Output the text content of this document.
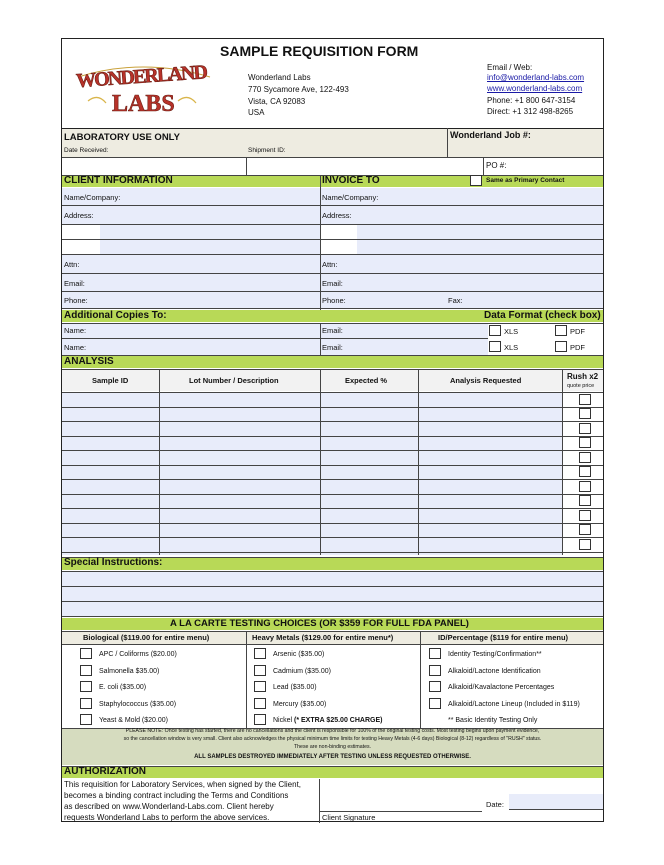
SAMPLE REQUISITION FORM
WONDERLAND
LABS
Wonderland Labs
770 Sycamore Ave, 122-493
Vista, CA 92083
USA
Email / Web:
info@wonderland-labs.com
www.wonderland-labs.com
Phone: +1 800 647-3154
Direct: +1 312 498-8265
LABORATORY USE ONLY	Wonderland Job #:
Date Received:	Shipment ID:
PO #:
CLIENT INFORMATION	INVOICE TO	Same as Primary Contact
Name/Company:	Name/Company:
Address:	Address:
Attn:	Attn:
Email:	Email:
Phone:	Phone:	Fax:
Additional Copies To:	Data Format (check box)
Name:	Email:
Name:	Email:
XLS	PDF
XLS	PDF
ANALYSIS
Sample ID	Lot Number / Description	Expected %	Analysis Requested	Rush x2
quote price
Special Instructions:
A LA CARTE TESTING CHOICES (OR $359 FOR FULL FDA PANEL)
Biological ($119.00 for entire menu)	Heavy Metals ($129.00 for entire menu*)	ID/Percentage ($119 for entire menu)
APC / Coliforms ($20.00)
Salmonella $35.00)
E. coli ($35.00)
Staphylococcus ($35.00)
Yeast & Mold ($20.00)
Arsenic ($35.00)
Cadmium ($35.00)
Lead ($35.00)
Mercury ($35.00)
Identity Testing/Confirmation**
Alkaloid/Lactone Identification
Alkaloid/Kavalactone Percentages
Alkaloid/Lactone Lineup (Included in $119)
Nickel (* EXTRA $25.00 CHARGE)	** Basic Identity Testing Only
PLEASE NOTE: Once testing has started, there are no cancellations and the client is responsible for 100% of the original testing costs. Most testing begins upon payment evidence,
so the cancellation window is very small. Client also acknowledges the physical minimum time limits for testing Heavy Metals (4-6 days) Biological (8-12) regardless of "RUSH" status.
These are non-binding estimates.
ALL SAMPLES DESTROYED IMMEDIATELY AFTER TESTING UNLESS REQUESTED OTHERWISE.
AUTHORIZATION
This requisition for Laboratory Services, when signed by the Client,
becomes a binding contract including the Terms and Conditions
as described on www.Wonderland-Labs.com. Client hereby
requests Wonderland Labs to perform the above services.	Client Signature
Date:
